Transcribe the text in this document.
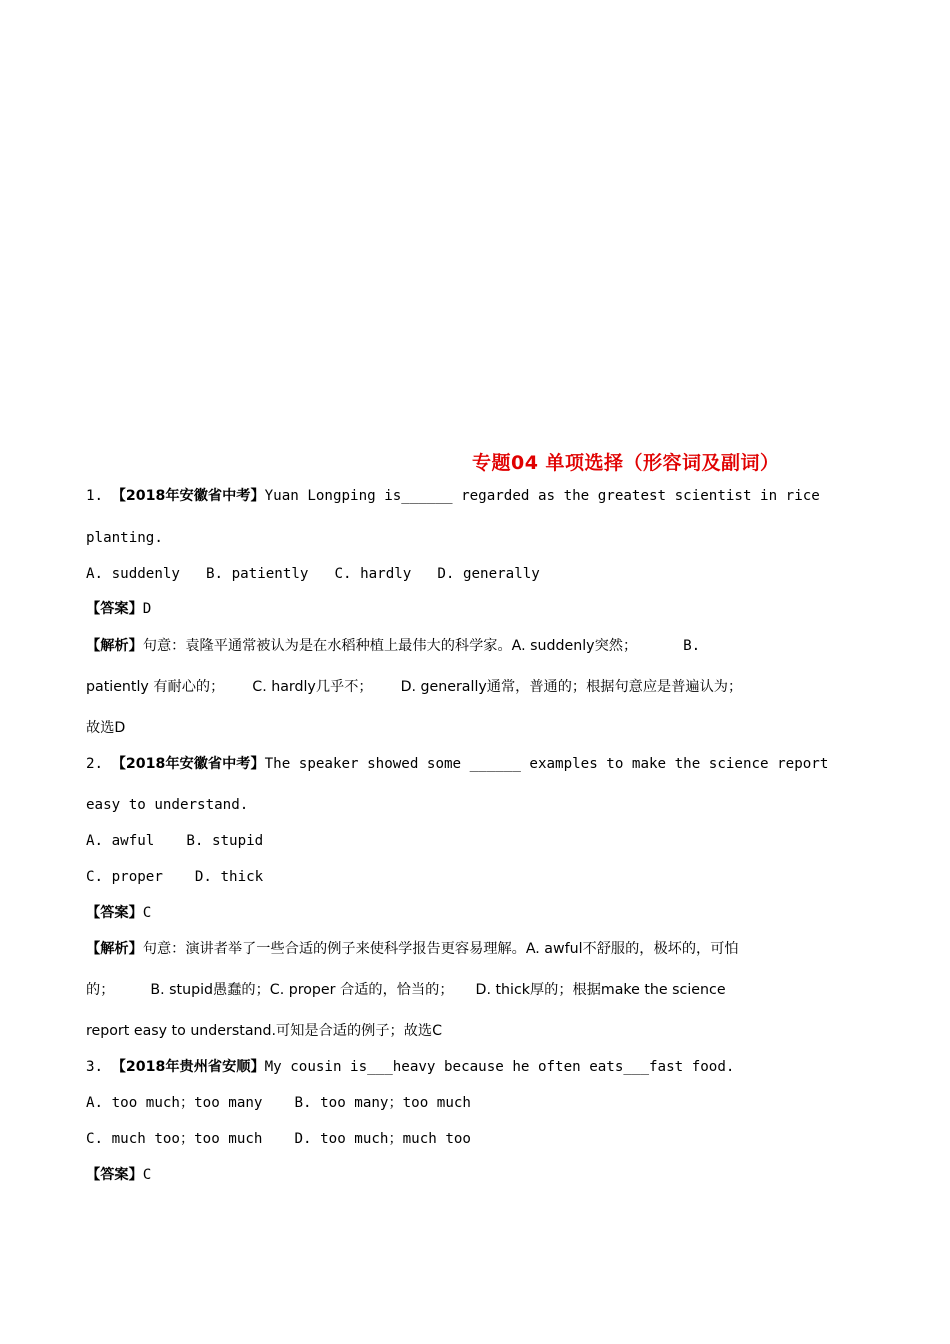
专题04 单项选择（形容词及副词）
1. 【2018年安徽省中考】Yuan Longping is______ regarded as the greatest scientist in rice
planting.
A. suddenly B. patiently C. hardly D. generally
【答案】D
【解析】句意：袁隆平通常被认为是在水稻种植上最伟大的科学家。A. suddenly突然；	B.
patiently 有耐心的； C. hardly几乎不； D. generally通常，普通的；根据句意应是普遍认为；
故选D
2. 【2018年安徽省中考】The speaker showed some ______ examples to make the science report
easy to understand.
A. awful B. stupid
C. proper D. thick
【答案】C
【解析】句意：演讲者举了一些合适的例子来使科学报告更容易理解。A. awful不舒服的，极坏的，可怕
的；	B. stupid愚蠢的；C. proper 合适的，恰当的； D. thick厚的；根据make the science
report easy to understand.可知是合适的例子；故选C
3. 【2018年贵州省安顺】My cousin is___heavy because he often eats___fast food.
A. too much；too many B. too many；too much
C. much too；too much D. too much；much too
【答案】C
